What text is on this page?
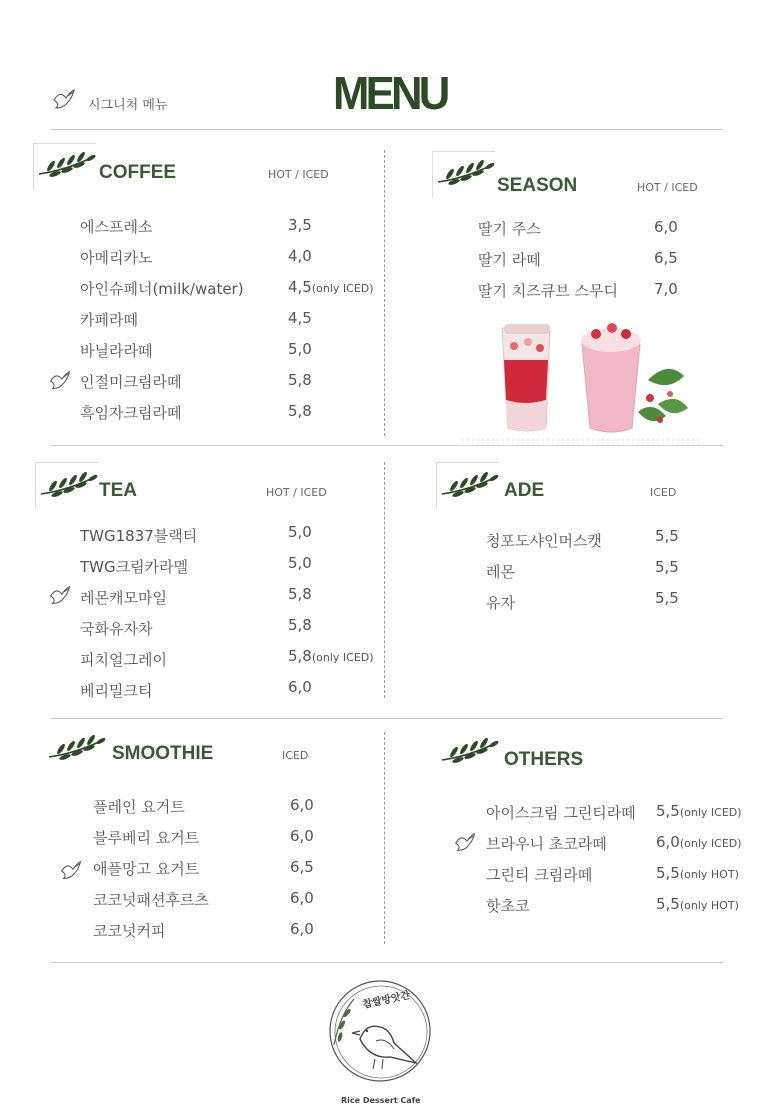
시그니처 메뉴	MENU
COFFEE	HOT / ICED
에스프레소	3,5
아메리카노	4,0
아인슈페너(milk/water)	4,5(only ICED)
카페라떼	4,5
바닐라라떼	5,0
인절미크림라떼	5,8
흑임자크림라떼	5,8
SEASON	HOT / ICED
딸기 주스	6,0
딸기 라떼	6,5
딸기 치즈큐브 스무디 7,0
TEA	HOT / ICED
TWG1837블랙티	5,0
TWG크림카라멜	5,0
레몬캐모마일	5,8
국화유자차	5,8
피치얼그레이	5,8(only ICED)
베리밀크티	6,0
ADE	ICED
청포도샤인머스캣	5,5
레몬	5,5
유자	5,5
SMOOTHIE	ICED
플레인 요거트	6,0
블루베리 요거트	6,0
애플망고 요거트	6,5
코코넛패션후르츠	6,0
코코넛커피	6,0
OTHERS
아이스크림 그린티라떼 5,5(only ICED)
브라우니 초코라떼	6,0(only ICED)
그린티 크림라떼	5,5(only HOT)
핫초코	5,5(only HOT)
찹쌀방앗간
Rice Dessert Cafe
